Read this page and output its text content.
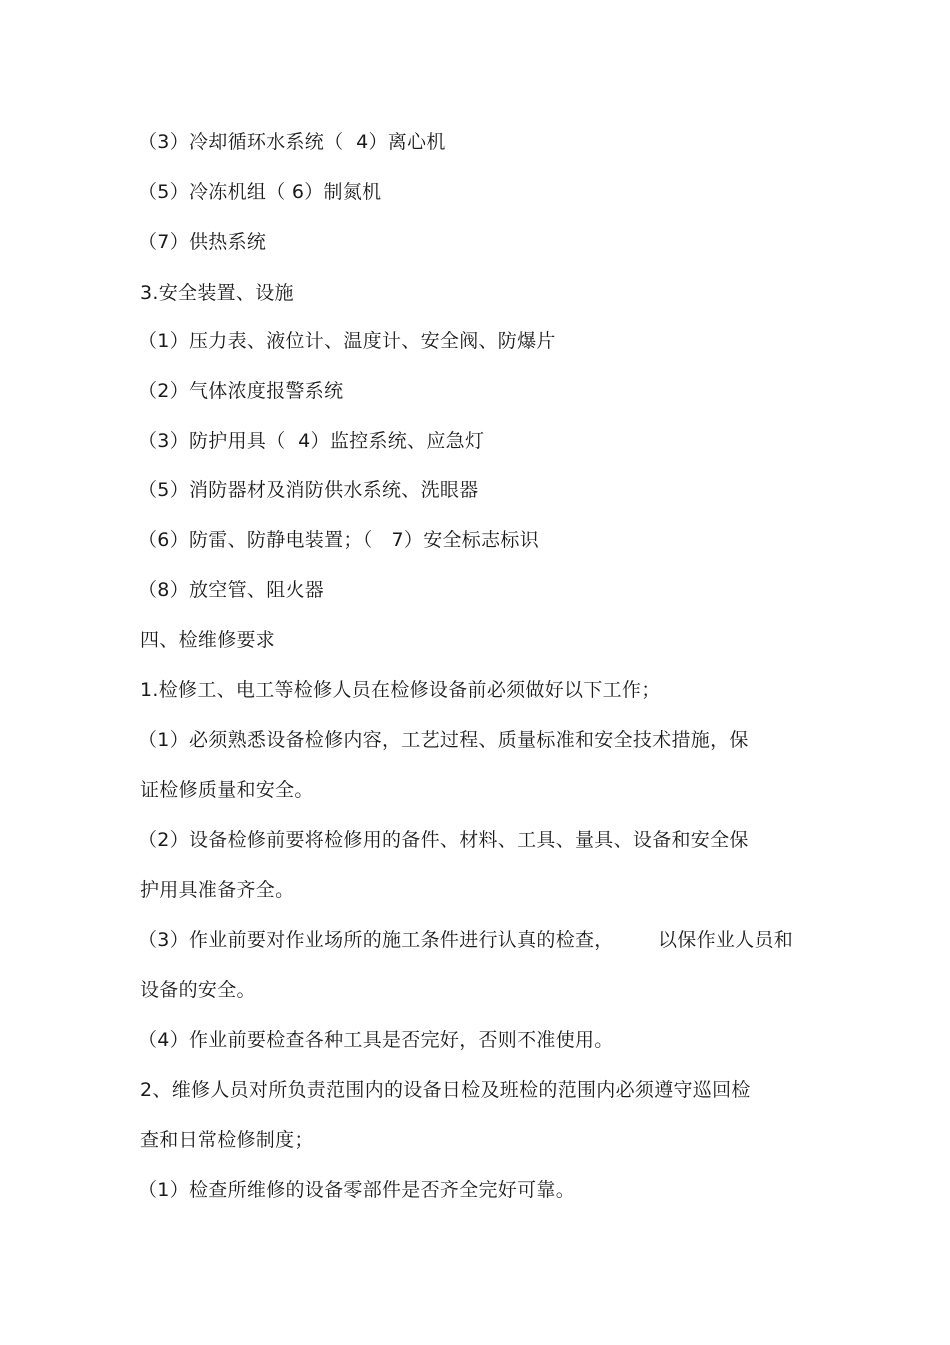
（3）冷却循环水系统（  4）离心机
（5）冷冻机组（ 6）制氮机
（7）供热系统
3.安全装置、设施
（1）压力表、液位计、温度计、安全阀、防爆片
（2）气体浓度报警系统
（3）防护用具（  4）监控系统、应急灯
（5）消防器材及消防供水系统、洗眼器
（6）防雷、防静电装置；（   7）安全标志标识
（8）放空管、阻火器
四、检维修要求
1.检修工、电工等检修人员在检修设备前必须做好以下工作；
（1）必须熟悉设备检修内容，工艺过程、质量标准和安全技术措施，保
证检修质量和安全。
（2）设备检修前要将检修用的备件、材料、工具、量具、设备和安全保
护用具准备齐全。
（3）作业前要对作业场所的施工条件进行认真的检查，       以保作业人员和
设备的安全。
（4）作业前要检查各种工具是否完好，否则不准使用。
2、维修人员对所负责范围内的设备日检及班检的范围内必须遵守巡回检
查和日常检修制度；
（1）检查所维修的设备零部件是否齐全完好可靠。
